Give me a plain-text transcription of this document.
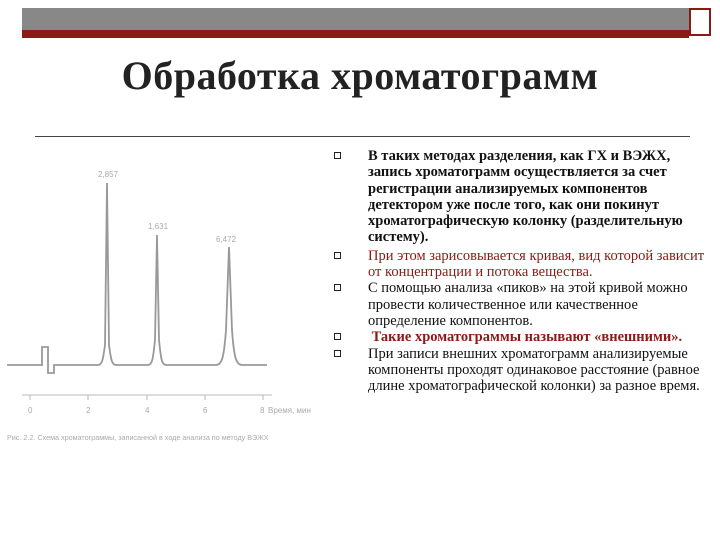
Обработка хроматограмм
2,857
1,631
6,472
0	2	4	6	8 Время, мин
Рис. 2.2. Схема хроматограммы, записанной в ходе анализа по методу ВЭЖХ
В таких методах разделения, как ГХ и ВЭЖХ, запись хроматограмм осуществляется за счет регистрации анализируемых компонентов детектором уже после того, как они покинут хроматографическую колонку (разделительную систему).
При этом зарисовывается кривая, вид которой зависит от концентрации и потока вещества.
С помощью анализа «пиков» на этой кривой можно провести количественное или качественное определение компонентов.
Такие хроматограммы называют «внешними».
При записи внешних хроматограмм анализируемые компоненты проходят одинаковое расстояние (равное длине хроматографической колонки) за разное время.
